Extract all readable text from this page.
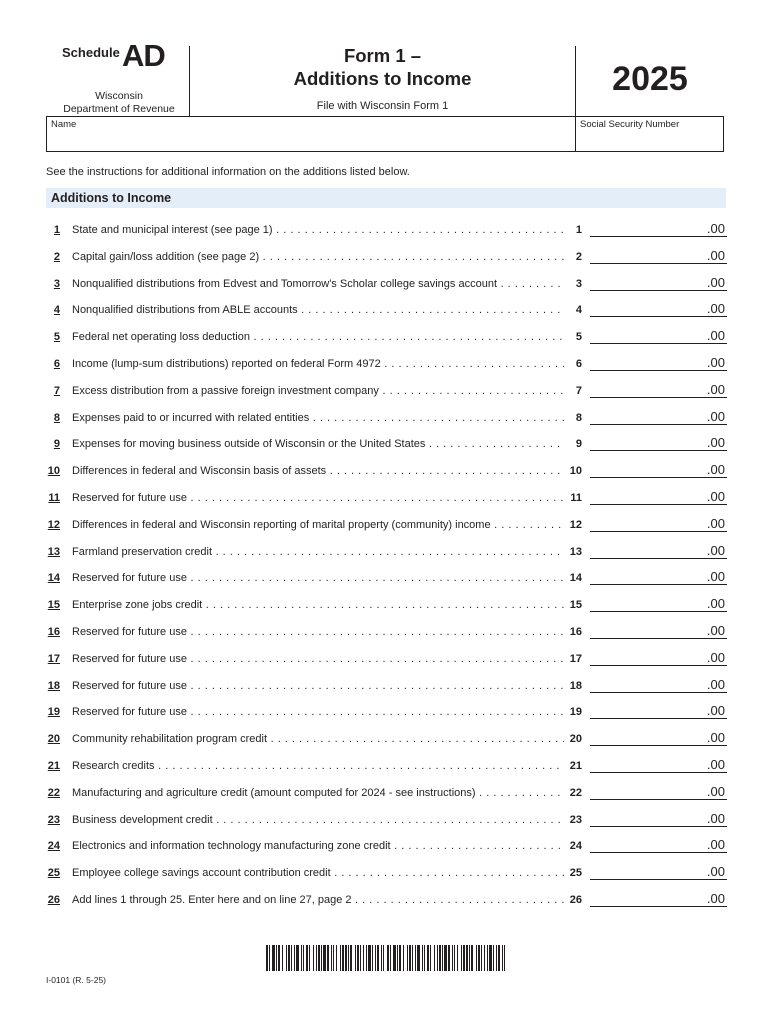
Schedule AD
Wisconsin
Department of Revenue
Form 1 –
Additions to Income
File with Wisconsin Form 1
2025
Name	Social Security Number
See the instructions for additional information on the additions listed below.
Additions to Income
1 State and municipal interest (see page 1) . . .	1	.00
2 Capital gain/loss addition (see page 2) . . .	2	.00
3 Nonqualified distributions from Edvest and Tomorrow's Scholar college savings account . . .	3	.00
4 Nonqualified distributions from ABLE accounts . . .	4	.00
5 Federal net operating loss deduction . . .	5	.00
6 Income (lump-sum distributions) reported on federal Form 4972 . . .	6	.00
7 Excess distribution from a passive foreign investment company . . .	7	.00
8 Expenses paid to or incurred with related entities . . .	8	.00
9 Expenses for moving business outside of Wisconsin or the United States . . .	9	.00
10 Differences in federal and Wisconsin basis of assets . . .	10	.00
11 Reserved for future use . . .	11	.00
12 Differences in federal and Wisconsin reporting of marital property (community) income . . .	12	.00
13 Farmland preservation credit . . .	13	.00
14 Reserved for future use . . .	14	.00
15 Enterprise zone jobs credit . . .	15	.00
16 Reserved for future use . . .	16	.00
17 Reserved for future use . . .	17	.00
18 Reserved for future use . . .	18	.00
19 Reserved for future use . . .	19	.00
20 Community rehabilitation program credit . . .	20	.00
21 Research credits . . .	21	.00
22 Manufacturing and agriculture credit (amount computed for 2024 - see instructions) . . .	22	.00
23 Business development credit . . .	23	.00
24 Electronics and information technology manufacturing zone credit . . .	24	.00
25 Employee college savings account contribution credit . . .	25	.00
26 Add lines 1 through 25. Enter here and on line 27, page 2 . . .	26	.00
I-0101 (R. 5-25)
